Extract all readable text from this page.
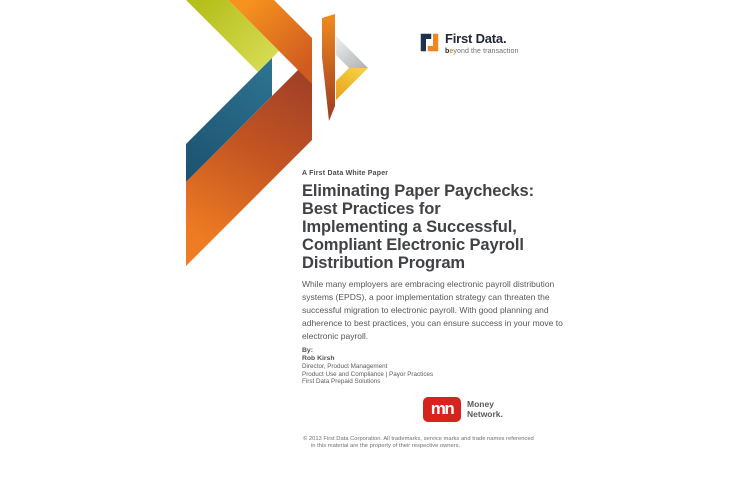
First Data.
beyond the transaction
A First Data White Paper
Eliminating Paper Paychecks:
Best Practices for
Implementing a Successful,
Compliant Electronic Payroll
Distribution Program
While many employers are embracing electronic payroll distribution systems (EPDS), a poor implementation strategy can threaten the successful migration to electronic payroll. With good planning and adherence to best practices, you can ensure success in your move to electronic payroll.
By:
Rob Kirsh
Director, Product Management
Product Use and Compliance | Payor Practices
First Data Prepaid Solutions
mn	Money
Network.
© 2013 First Data Corporation. All trademarks, service marks and trade names referenced
in this material are the property of their respective owners.
